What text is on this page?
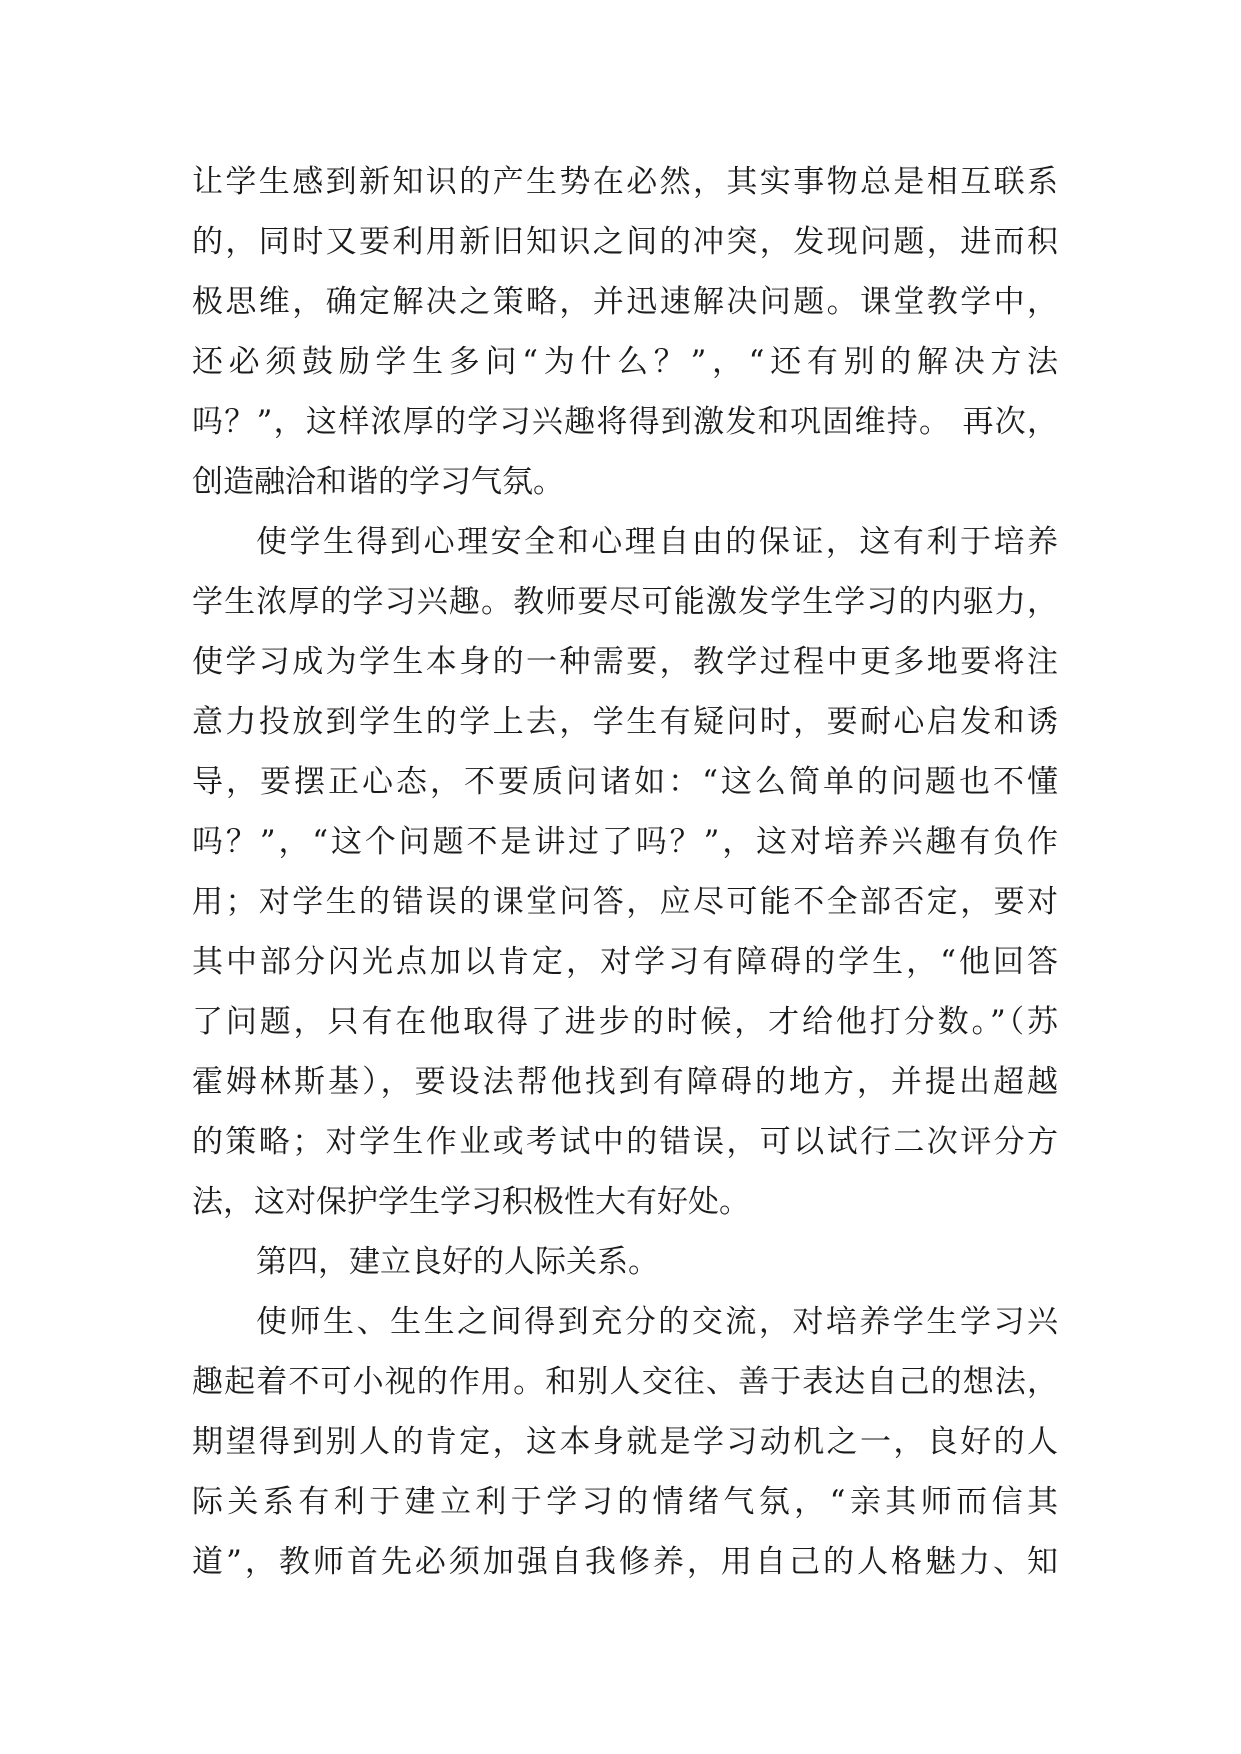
让学生感到新知识的产生势在必然，其实事物总是相互联系
的，同时又要利用新旧知识之间的冲突，发现问题，进而积
极思维，确定解决之策略，并迅速解决问题。课堂教学中，
还必须鼓励学生多问“为什么？”，“还有别的解决方法
吗？”，这样浓厚的学习兴趣将得到激发和巩固维持。 再次，
创造融洽和谐的学习气氛。
使学生得到心理安全和心理自由的保证，这有利于培养
学生浓厚的学习兴趣。教师要尽可能激发学生学习的内驱力，
使学习成为学生本身的一种需要，教学过程中更多地要将注
意力投放到学生的学上去，学生有疑问时，要耐心启发和诱
导，要摆正心态，不要质问诸如：“这么简单的问题也不懂
吗？”，“这个问题不是讲过了吗？”，这对培养兴趣有负作
用；对学生的错误的课堂问答，应尽可能不全部否定，要对
其中部分闪光点加以肯定，对学习有障碍的学生，“他回答
了问题，只有在他取得了进步的时候，才给他打分数。”（苏
霍姆林斯基），要设法帮他找到有障碍的地方，并提出超越
的策略；对学生作业或考试中的错误，可以试行二次评分方
法，这对保护学生学习积极性大有好处。
第四，建立良好的人际关系。
使师生、生生之间得到充分的交流，对培养学生学习兴
趣起着不可小视的作用。和别人交往、善于表达自己的想法，
期望得到别人的肯定，这本身就是学习动机之一，良好的人
际关系有利于建立利于学习的情绪气氛，“亲其师而信其
道”，教师首先必须加强自我修养，用自己的人格魅力、知
